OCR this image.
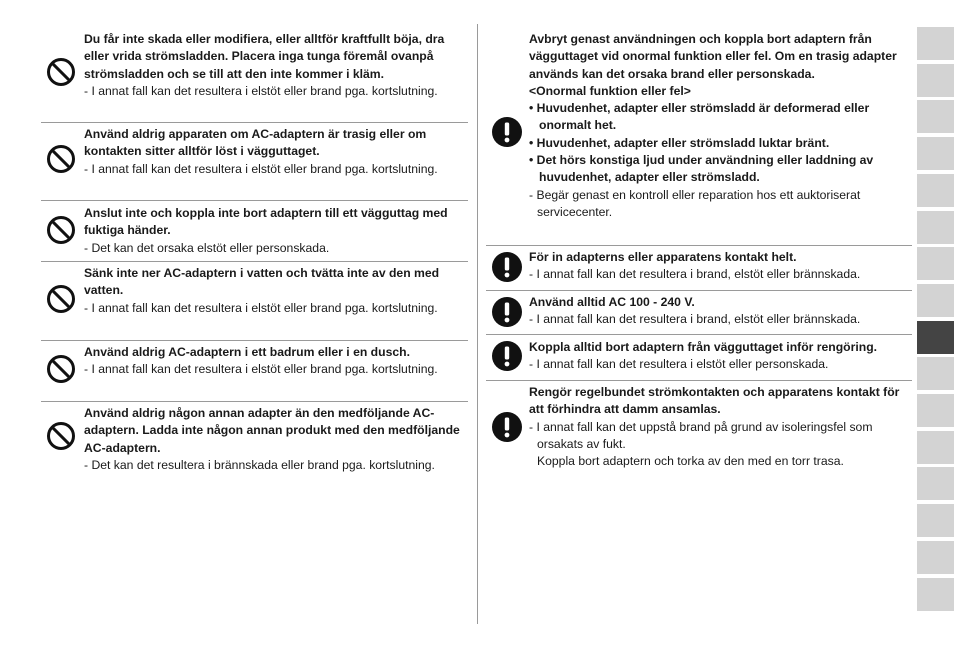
Du får inte skada eller modifiera, eller alltför kraftfullt böja, dra eller vrida strömsladden. Placera inga tunga föremål ovanpå strömsladden och se till att den inte kommer i kläm.
- I annat fall kan det resultera i elstöt eller brand pga. kortslutning.
Använd aldrig apparaten om AC-adaptern är trasig eller om kontakten sitter alltför löst i vägguttaget.
- I annat fall kan det resultera i elstöt eller brand pga. kortslutning.
Anslut inte och koppla inte bort adaptern till ett vägguttag med fuktiga händer.
- Det kan det orsaka elstöt eller personskada.
Sänk inte ner AC-adaptern i vatten och tvätta inte av den med vatten.
- I annat fall kan det resultera i elstöt eller brand pga. kortslutning.
Använd aldrig AC-adaptern i ett badrum eller i en dusch.
- I annat fall kan det resultera i elstöt eller brand pga. kortslutning.
Använd aldrig någon annan adapter än den medföljande AC-adaptern. Ladda inte någon annan produkt med den medföljande AC-adaptern.
- Det kan det resultera i brännskada eller brand pga. kortslutning.
Avbryt genast användningen och koppla bort adaptern från vägguttaget vid onormal funktion eller fel. Om en trasig adapter används kan det orsaka brand eller personskada.
<Onormal funktion eller fel>
• Huvudenhet, adapter eller strömsladd är deformerad eller onormalt het.
• Huvudenhet, adapter eller strömsladd luktar bränt.
• Det hörs konstiga ljud under användning eller laddning av huvudenhet, adapter eller strömsladd.
- Begär genast en kontroll eller reparation hos ett auktoriserat servicecenter.
För in adapterns eller apparatens kontakt helt.
- I annat fall kan det resultera i brand, elstöt eller brännskada.
Använd alltid AC 100 - 240 V.
- I annat fall kan det resultera i brand, elstöt eller brännskada.
Koppla alltid bort adaptern från vägguttaget inför rengöring.
- I annat fall kan det resultera i elstöt eller personskada.
Rengör regelbundet strömkontakten och apparatens kontakt för att förhindra att damm ansamlas.
- I annat fall kan det uppstå brand på grund av isoleringsfel som orsakats av fukt.
Koppla bort adaptern och torka av den med en torr trasa.
